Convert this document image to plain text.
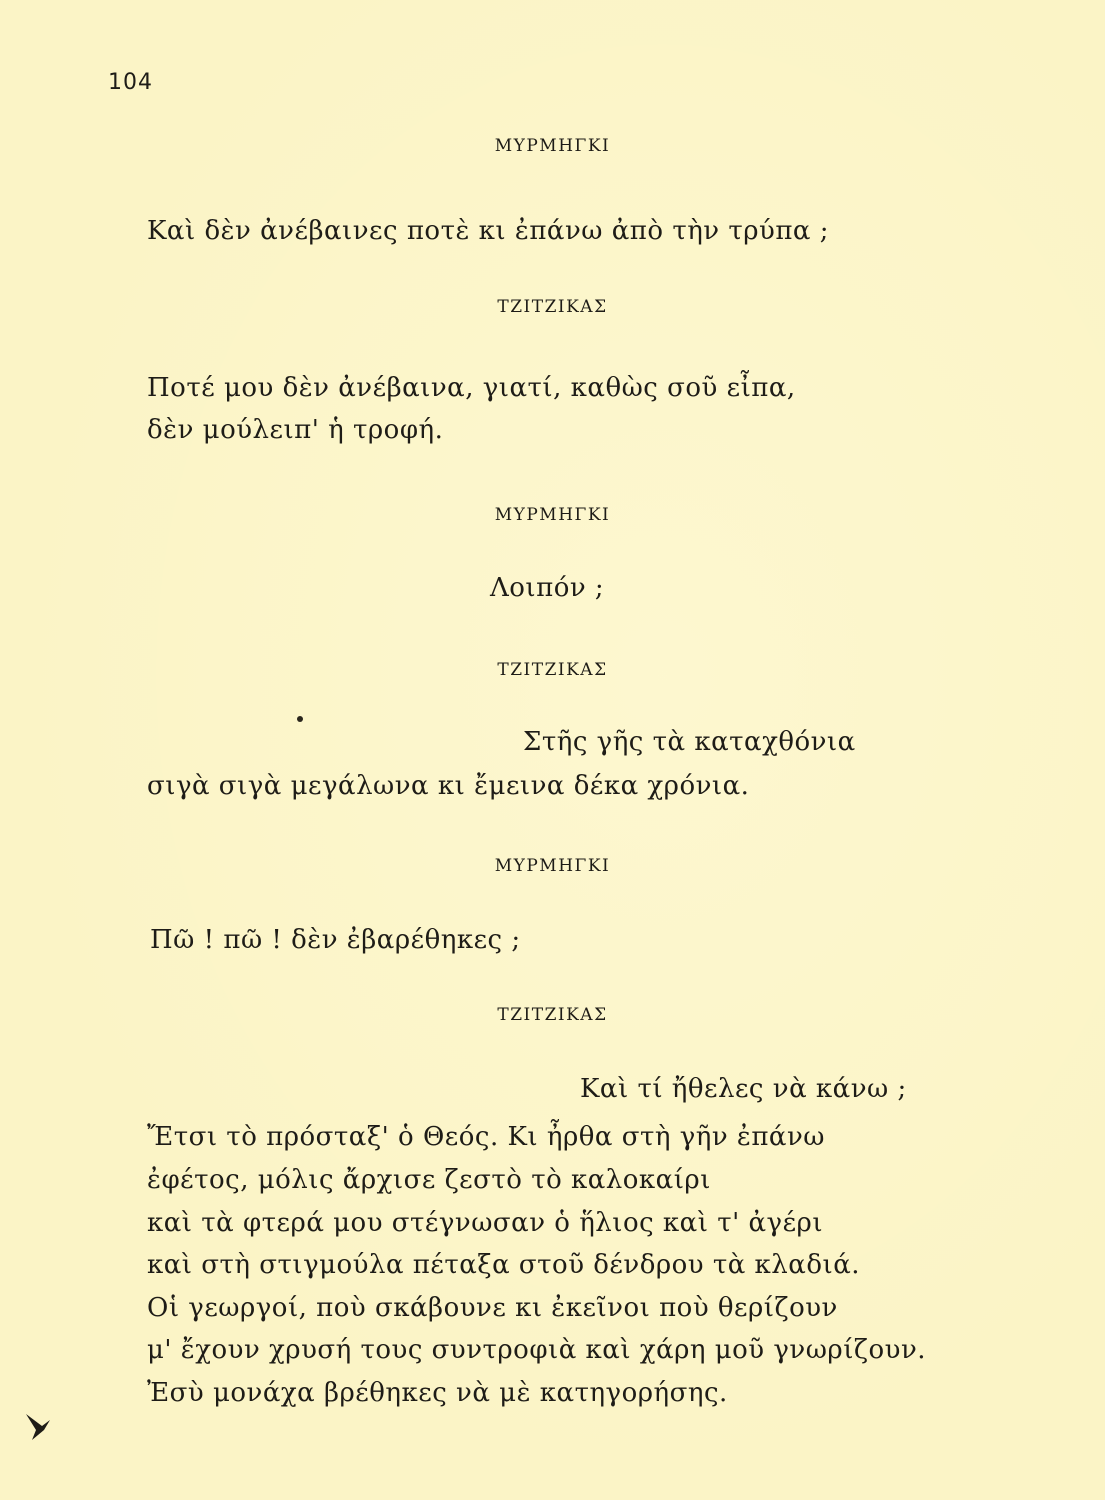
104
ΜΥΡΜΗΓΚΙ
Καὶ δὲν ἀνέβαινες ποτὲ κι ἐπάνω ἀπὸ τὴν τρύπα ;
ΤΖΙΤΖΙΚΑΣ
Ποτέ μου δὲν ἀνέβαινα, γιατί, καθὼς σοῦ εἶπα,
δὲν μούλειπ' ἡ τροφή.
ΜΥΡΜΗΓΚΙ
Λοιπόν ;
ΤΖΙΤΖΙΚΑΣ
Στῆς γῆς τὰ καταχθόνια
σιγὰ σιγὰ μεγάλωνα κι ἔμεινα δέκα χρόνια.
ΜΥΡΜΗΓΚΙ
Πῶ ! πῶ ! δὲν ἐβαρέθηκες ;
ΤΖΙΤΖΙΚΑΣ
Καὶ τί ἤθελες νὰ κάνω ;
Ἔτσι τὸ πρόσταξ' ὁ Θεός. Κι ἦρθα στὴ γῆν ἐπάνω
ἐφέτος, μόλις ἄρχισε ζεστὸ τὸ καλοκαίρι
καὶ τὰ φτερά μου στέγνωσαν ὁ ἥλιος καὶ τ' ἀγέρι
καὶ στὴ στιγμούλα πέταξα στοῦ δένδρου τὰ κλαδιά.
Οἱ γεωργοί, ποὺ σκάβουνε κι ἐκεῖνοι ποὺ θερίζουν
μ' ἔχουν χρυσή τους συντροφιὰ καὶ χάρη μοῦ γνωρίζουν.
Ἐσὺ μονάχα βρέθηκες νὰ μὲ κατηγορήσης.
